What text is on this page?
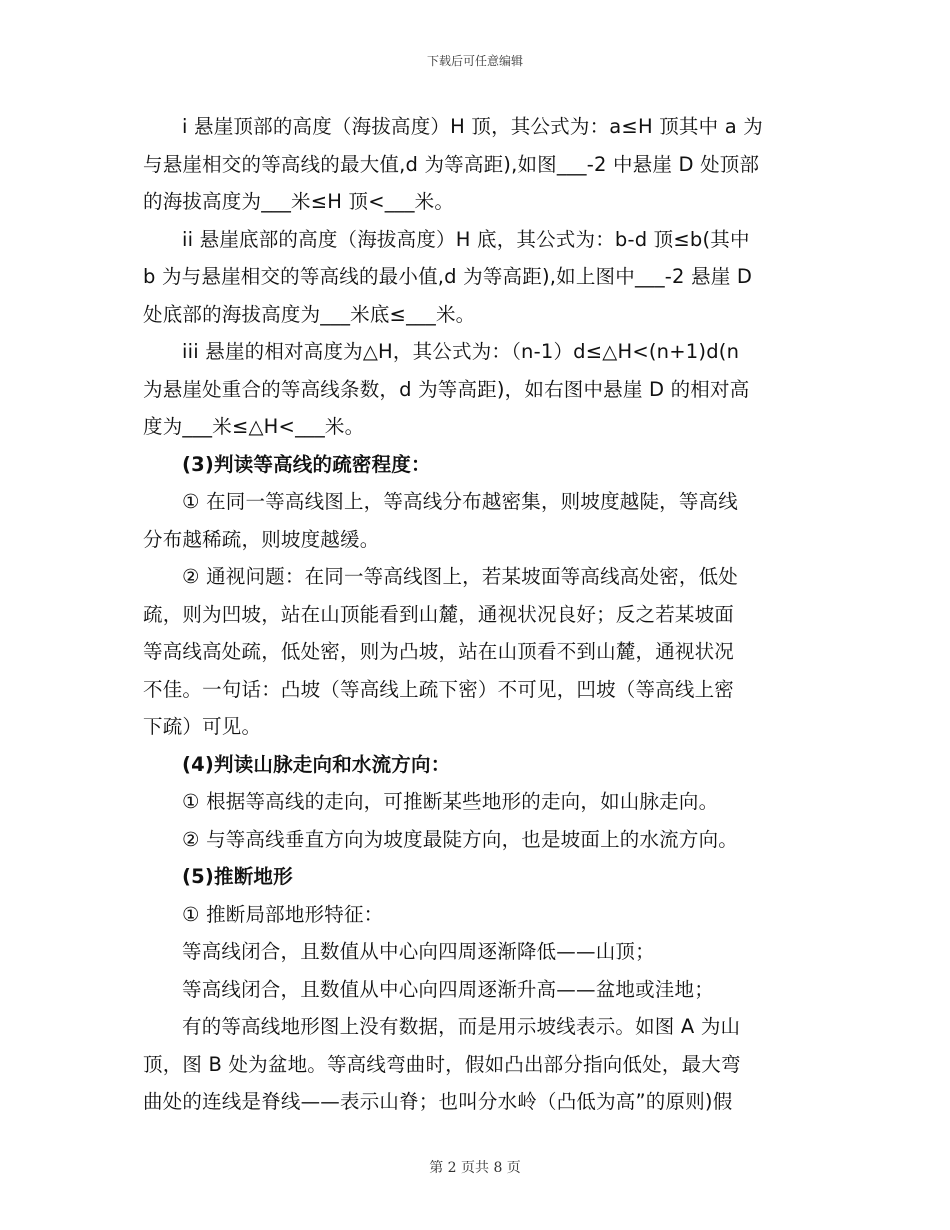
下载后可任意编辑

i 悬崖顶部的高度（海拔高度）H 顶，其公式为：a≤H 顶其中 a 为
与悬崖相交的等高线的最大值,d 为等高距),如图___-2 中悬崖 D 处顶部
的海拔高度为___米≤H 顶<___米。

ii 悬崖底部的高度（海拔高度）H 底，其公式为：b-d 顶≤b(其中
b 为与悬崖相交的等高线的最小值,d 为等高距),如上图中___-2 悬崖 D
处底部的海拔高度为___米底≤___米。

iii 悬崖的相对高度为△H，其公式为：（n-1）d≤△H<(n+1)d(n
为悬崖处重合的等高线条数，d 为等高距)，如右图中悬崖 D 的相对高
度为___米≤△H<___米。

(3)判读等高线的疏密程度：

① 在同一等高线图上，等高线分布越密集，则坡度越陡，等高线
分布越稀疏，则坡度越缓。

② 通视问题：在同一等高线图上，若某坡面等高线高处密，低处
疏，则为凹坡，站在山顶能看到山麓，通视状况良好；反之若某坡面
等高线高处疏，低处密，则为凸坡，站在山顶看不到山麓，通视状况
不佳。一句话：凸坡（等高线上疏下密）不可见，凹坡（等高线上密
下疏）可见。

(4)判读山脉走向和水流方向：

① 根据等高线的走向，可推断某些地形的走向，如山脉走向。

② 与等高线垂直方向为坡度最陡方向，也是坡面上的水流方向。

(5)推断地形

① 推断局部地形特征：

等高线闭合，且数值从中心向四周逐渐降低——山顶；

等高线闭合，且数值从中心向四周逐渐升高——盆地或洼地；

有的等高线地形图上没有数据，而是用示坡线表示。如图 A 为山
顶，图 B 处为盆地。等高线弯曲时，假如凸出部分指向低处，最大弯
曲处的连线是脊线——表示山脊；也叫分水岭（凸低为高”的原则)假

第 2 页共 8 页
